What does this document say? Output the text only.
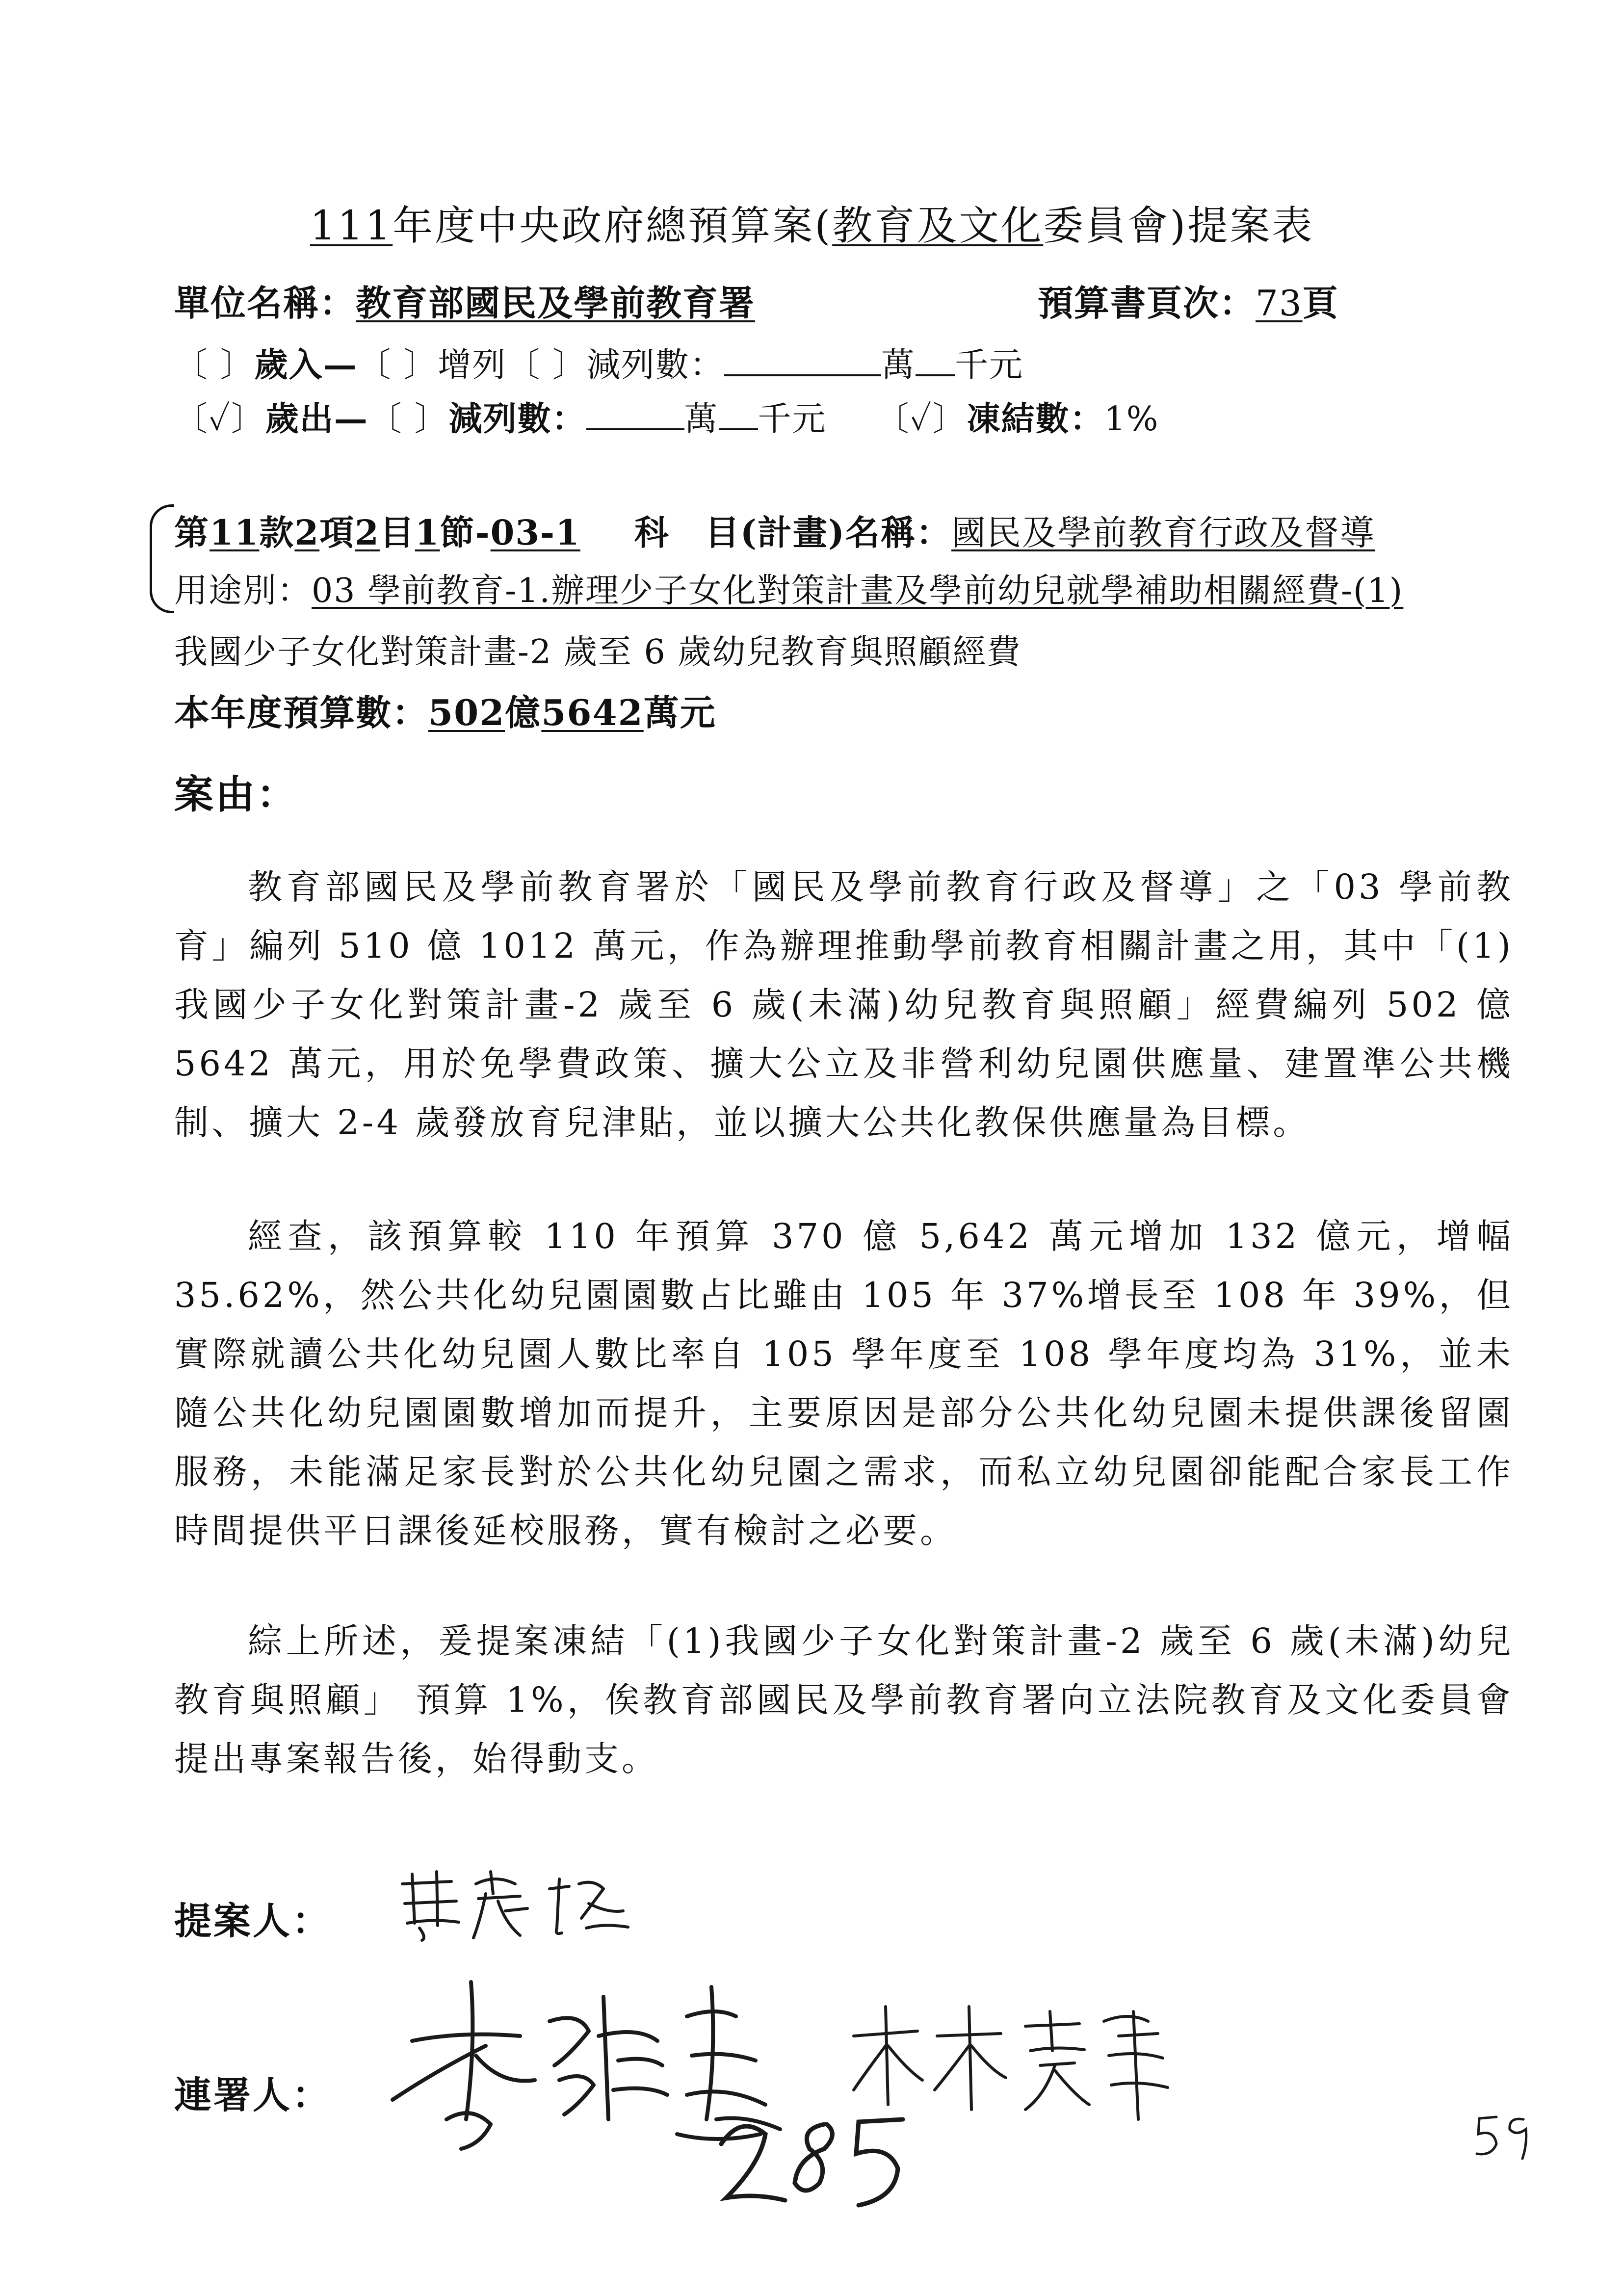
111年度中央政府總預算案(教育及文化委員會)提案表
單位名稱：教育部國民及學前教育署	預算書頁次：73頁
〔 〕歲入—〔 〕增列〔 〕減列數：	萬 千元
〔✓〕歲出—〔 〕減列數：	萬 千元 〔✓〕凍結數：1%
第11款2項2目1節-03-1 科　目(計畫)名稱：國民及學前教育行政及督導
用途別：03 學前教育-1.辦理少子女化對策計畫及學前幼兒就學補助相關經費-(1)
我國少子女化對策計畫-2 歲至 6 歲幼兒教育與照顧經費
本年度預算數：502億5642萬元
案由：

教育部國民及學前教育署於「國民及學前教育行政及督導」之「03 學前教育」編列 510 億 1012 萬元，作為辦理推動學前教育相關計畫之用，其中「(1)我國少子女化對策計畫-2 歲至 6 歲(未滿)幼兒教育與照顧」經費編列 502 億 5642 萬元，用於免學費政策、擴大公立及非營利幼兒園供應量、建置準公共機制、擴大 2-4 歲發放育兒津貼，並以擴大公共化教保供應量為目標。

經查，該預算較 110 年預算 370 億 5,642 萬元增加 132 億元，增幅 35.62%，然公共化幼兒園園數占比雖由 105 年 37%增長至 108 年 39%，但實際就讀公共化幼兒園人數比率自 105 學年度至 108 學年度均為 31%，並未隨公共化幼兒園園數增加而提升，主要原因是部分公共化幼兒園未提供課後留園服務，未能滿足家長對於公共化幼兒園之需求，而私立幼兒園卻能配合家長工作時間提供平日課後延校服務，實有檢討之必要。

綜上所述，爰提案凍結「(1)我國少子女化對策計畫-2 歲至 6 歲(未滿)幼兒教育與照顧」 預算 1%，俟教育部國民及學前教育署向立法院教育及文化委員會提出專案報告後，始得動支。

提案人：
連署人：
